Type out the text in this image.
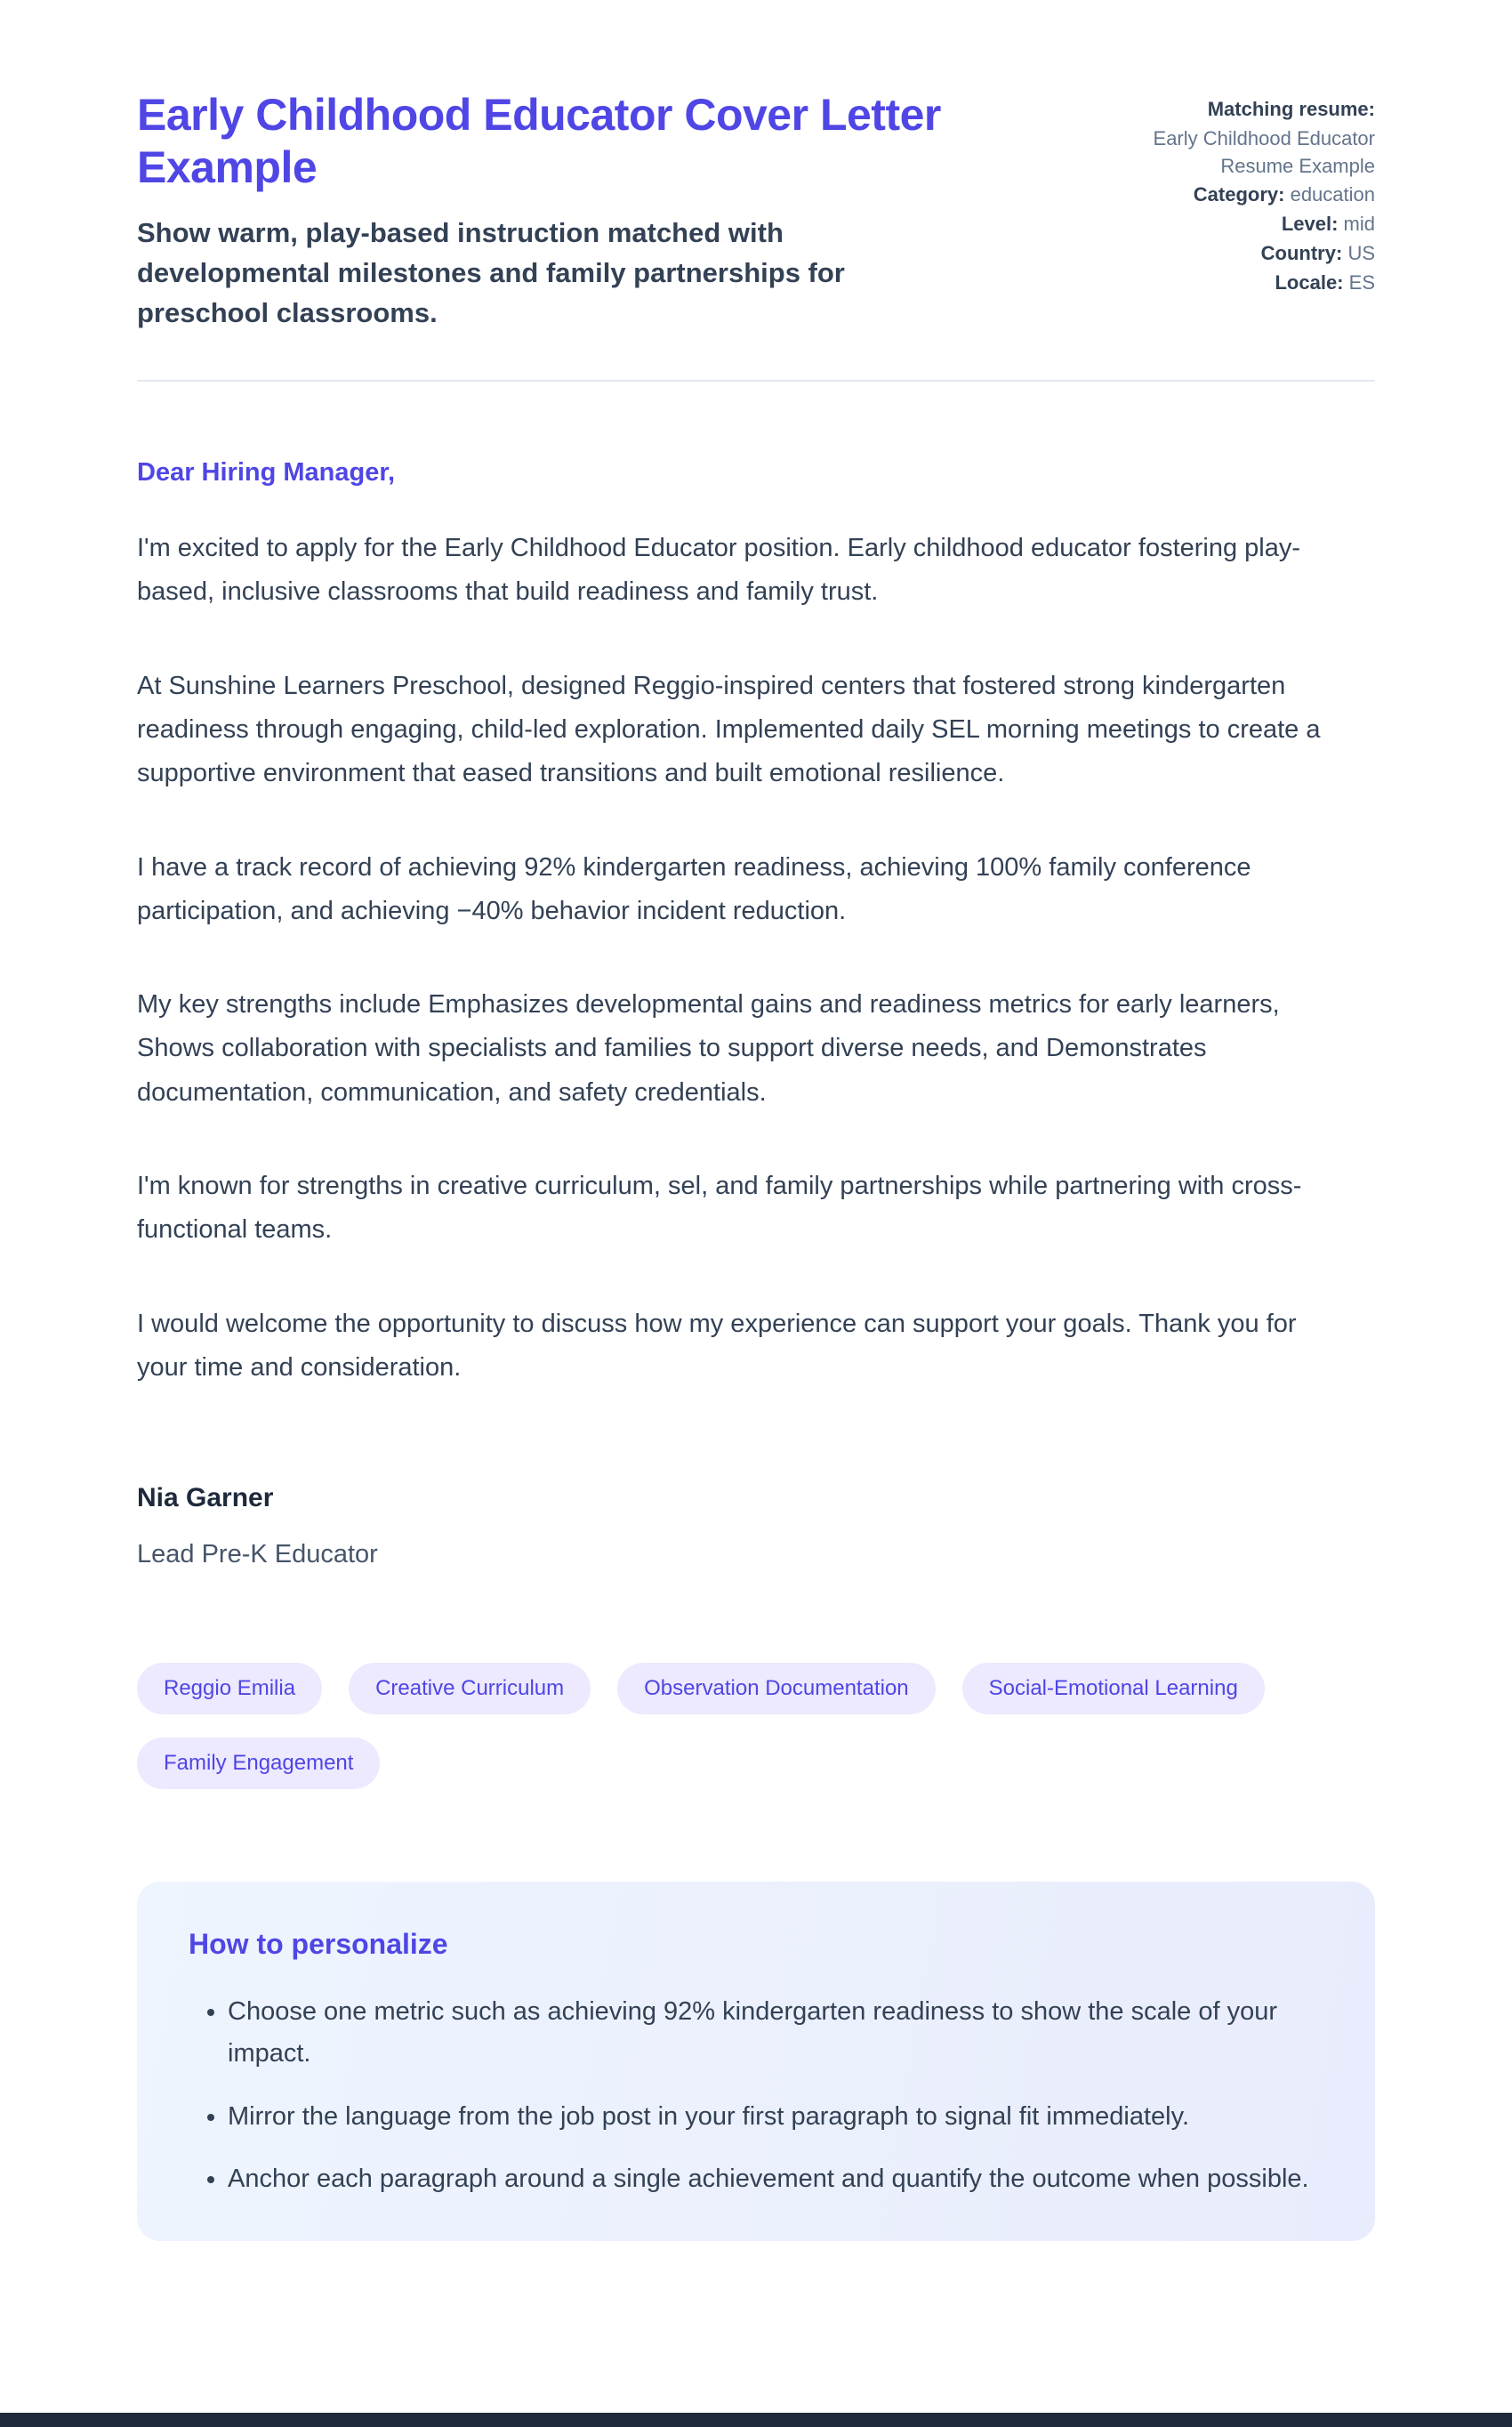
Early Childhood Educator Cover Letter Example

Show warm, play-based instruction matched with developmental milestones and family partnerships for preschool classrooms.

Matching resume:
Early Childhood Educator Resume Example
Category: education
Level: mid
Country: US
Locale: ES

Dear Hiring Manager,

I'm excited to apply for the Early Childhood Educator position. Early childhood educator fostering play-based, inclusive classrooms that build readiness and family trust.

At Sunshine Learners Preschool, designed Reggio-inspired centers that fostered strong kindergarten readiness through engaging, child-led exploration. Implemented daily SEL morning meetings to create a supportive environment that eased transitions and built emotional resilience.

I have a track record of achieving 92% kindergarten readiness, achieving 100% family conference participation, and achieving −40% behavior incident reduction.

My key strengths include Emphasizes developmental gains and readiness metrics for early learners, Shows collaboration with specialists and families to support diverse needs, and Demonstrates documentation, communication, and safety credentials.

I'm known for strengths in creative curriculum, sel, and family partnerships while partnering with cross-functional teams.

I would welcome the opportunity to discuss how my experience can support your goals. Thank you for your time and consideration.

Nia Garner

Lead Pre-K Educator

Reggio Emilia	Creative Curriculum	Observation Documentation	Social-Emotional Learning
Family Engagement
How to personalize
• Choose one metric such as achieving 92% kindergarten readiness to show the scale of your impact.
• Mirror the language from the job post in your first paragraph to signal fit immediately.
• Anchor each paragraph around a single achievement and quantify the outcome when possible.
